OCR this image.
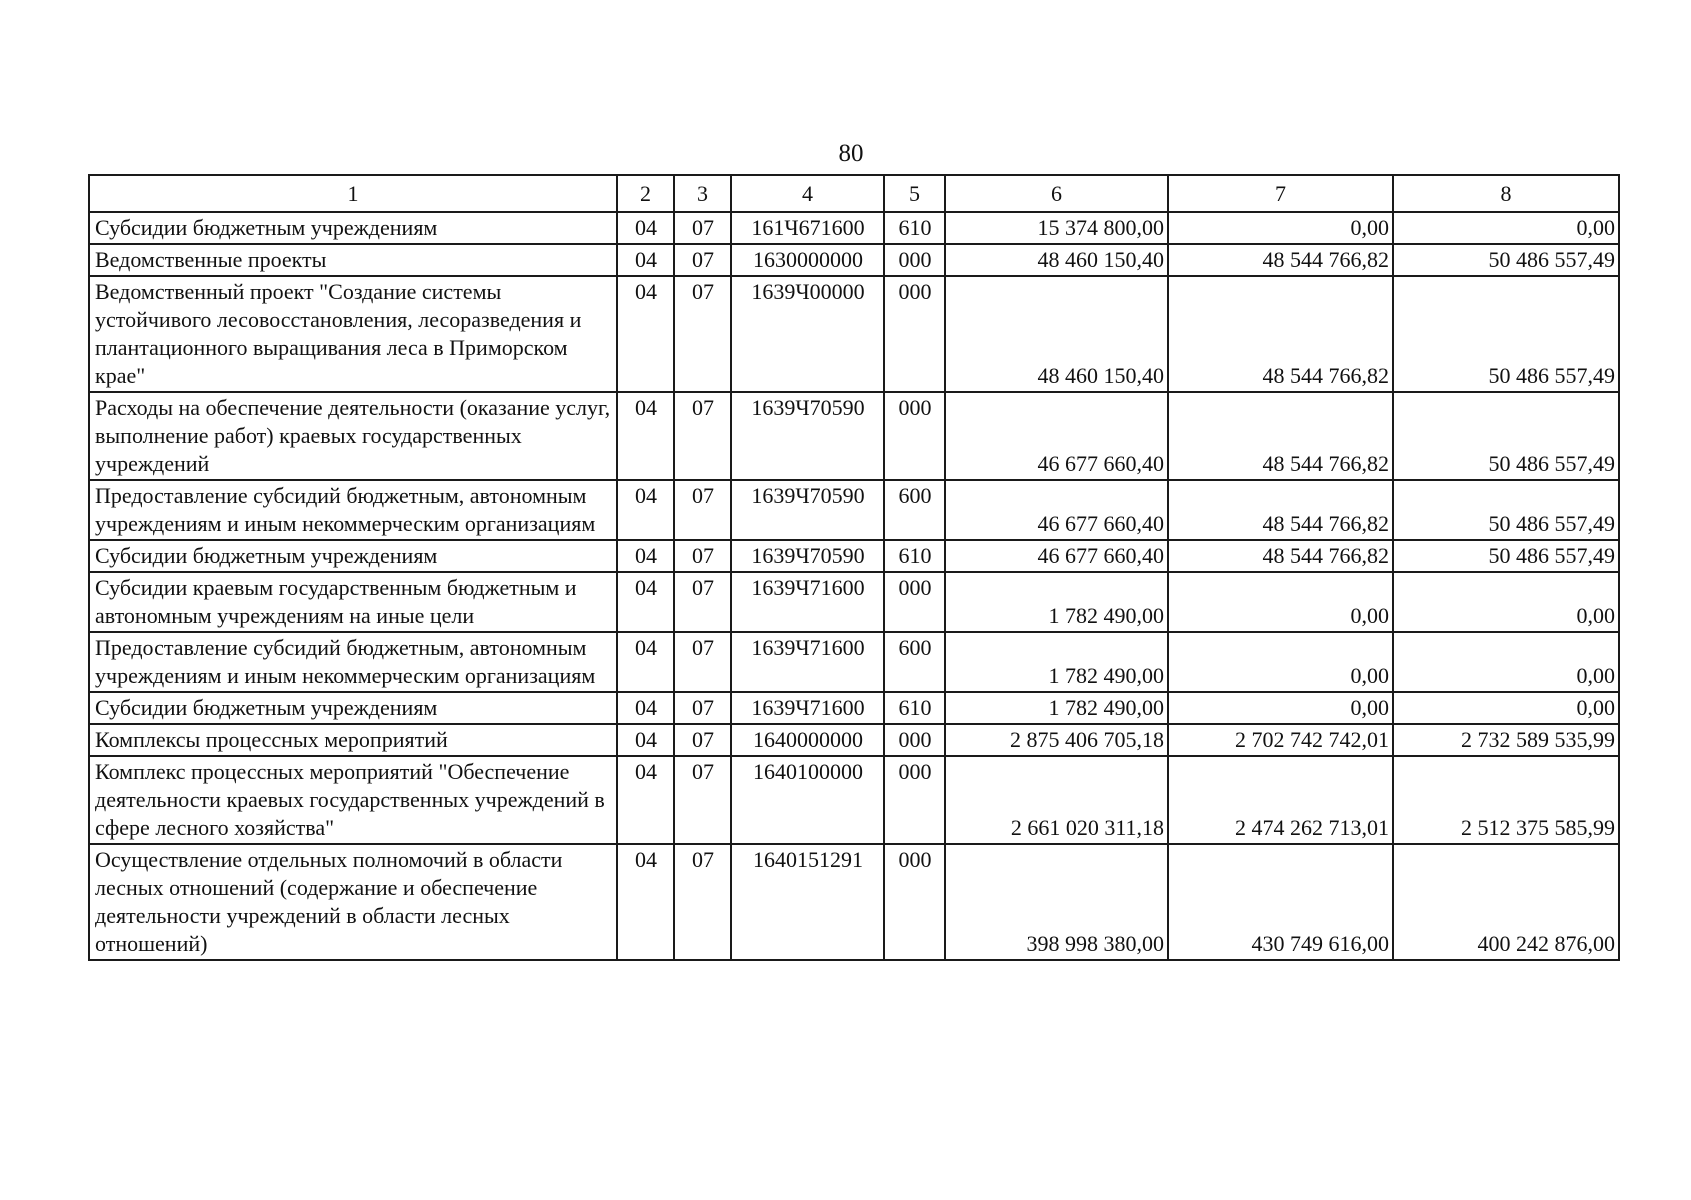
80
1	2	3	4	5	6	7	8
Субсидии бюджетным учреждениям	04	07	161Ч671600	610	15 374 800,00	0,00	0,00
Ведомственные проекты	04	07	1630000000	000	48 460 150,40	48 544 766,82	50 486 557,49
Ведомственный проект "Создание системы устойчивого лесовосстановления, лесоразведения и плантационного выращивания леса в Приморском крае"	04	07	1639Ч00000	000	48 460 150,40	48 544 766,82	50 486 557,49
Расходы на обеспечение деятельности (оказание услуг, выполнение работ) краевых государственных учреждений	04	07	1639Ч70590	000	46 677 660,40	48 544 766,82	50 486 557,49
Предоставление субсидий бюджетным, автономным учреждениям и иным некоммерческим организациям	04	07	1639Ч70590	600	46 677 660,40	48 544 766,82	50 486 557,49
Субсидии бюджетным учреждениям	04	07	1639Ч70590	610	46 677 660,40	48 544 766,82	50 486 557,49
Субсидии краевым государственным бюджетным и автономным учреждениям на иные цели	04	07	1639Ч71600	000	1 782 490,00	0,00	0,00
Предоставление субсидий бюджетным, автономным учреждениям и иным некоммерческим организациям	04	07	1639Ч71600	600	1 782 490,00	0,00	0,00
Субсидии бюджетным учреждениям	04	07	1639Ч71600	610	1 782 490,00	0,00	0,00
Комплексы процессных мероприятий	04	07	1640000000	000	2 875 406 705,18	2 702 742 742,01	2 732 589 535,99
Комплекс процессных мероприятий "Обеспечение деятельности краевых государственных учреждений в сфере лесного хозяйства"	04	07	1640100000	000	2 661 020 311,18	2 474 262 713,01	2 512 375 585,99
Осуществление отдельных полномочий в области лесных отношений (содержание и обеспечение деятельности учреждений в области лесных отношений)	04	07	1640151291	000	398 998 380,00	430 749 616,00	400 242 876,00
